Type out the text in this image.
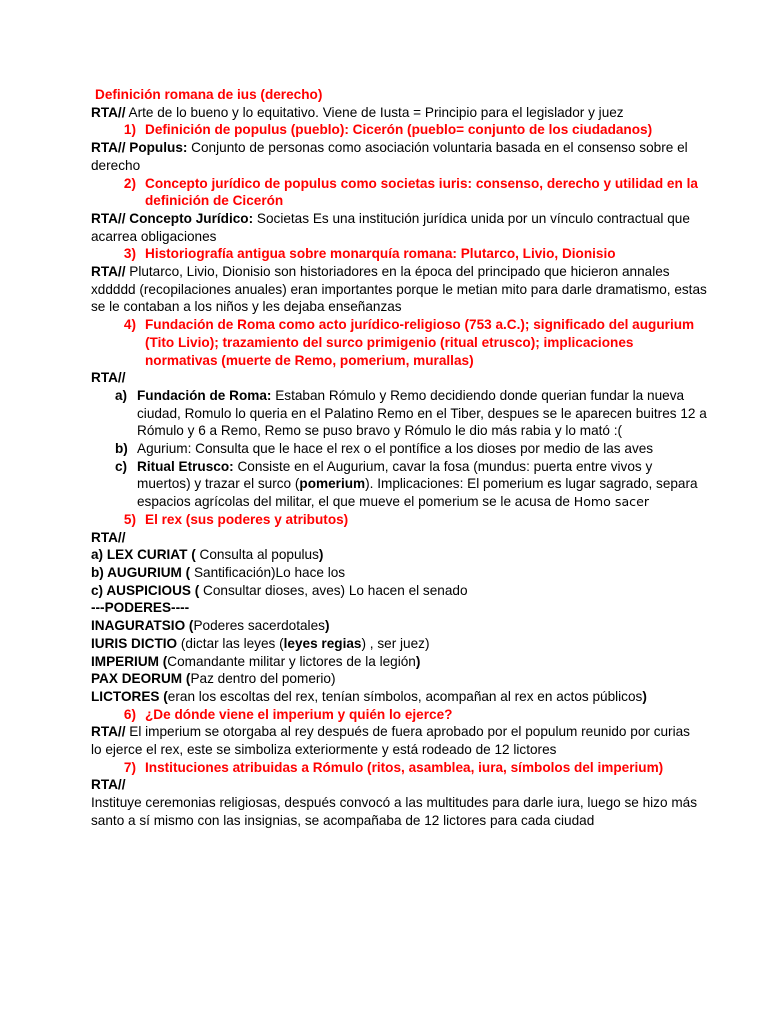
Definición romana de ius (derecho)

RTA// Arte de lo bueno y lo equitativo. Viene de Iusta = Principio para el legislador y juez

1) Definición de populus (pueblo): Cicerón (pueblo= conjunto de los ciudadanos)

RTA// Populus: Conjunto de personas como asociación voluntaria basada en el consenso sobre el derecho

2) Concepto jurídico de populus como societas iuris: consenso, derecho y utilidad en la definición de Cicerón

RTA// Concepto Jurídico: Societas Es una institución jurídica unida por un vínculo contractual que acarrea obligaciones

3) Historiografía antigua sobre monarquía romana: Plutarco, Livio, Dionisio

RTA// Plutarco, Livio, Dionisio son historiadores en la época del principado que hicieron annales xddddd (recopilaciones anuales) eran importantes porque le metian mito para darle dramatismo, estas se le contaban a los niños y les dejaba enseñanzas

4) Fundación de Roma como acto jurídico-religioso (753 a.C.); significado del augurium (Tito Livio); trazamiento del surco primigenio (ritual etrusco); implicaciones normativas (muerte de Remo, pomerium, murallas)

RTA//

a) Fundación de Roma: Estaban Rómulo y Remo decidiendo donde querian fundar la nueva ciudad, Romulo lo queria en el Palatino Remo en el Tiber, despues se le aparecen buitres 12 a Rómulo y 6 a Remo, Remo se puso bravo y Rómulo le dio más rabia y lo mató :(
b) Agurium: Consulta que le hace el rex o el pontífice a los dioses por medio de las aves
c) Ritual Etrusco: Consiste en el Augurium, cavar la fosa (mundus: puerta entre vivos y muertos) y trazar el surco (pomerium). Implicaciones: El pomerium es lugar sagrado, separa espacios agrícolas del militar, el que mueve el pomerium se le acusa de Homo sacer
5) El rex (sus poderes y atributos)

RTA//

a) LEX CURIAT ( Consulta al populus)

b) AUGURIUM ( Santificación)Lo hace los

c) AUSPICIOUS ( Consultar dioses, aves) Lo hacen el senado

---PODERES----

INAGURATSIO (Poderes sacerdotales)

IURIS DICTIO (dictar las leyes (leyes regias) , ser juez)

IMPERIUM (Comandante militar y lictores de la legión)

PAX DEORUM (Paz dentro del pomerio)

LICTORES (eran los escoltas del rex, tenían símbolos, acompañan al rex en actos públicos)

6) ¿De dónde viene el imperium y quién lo ejerce?

RTA// El imperium se otorgaba al rey después de fuera aprobado por el populum reunido por curias

lo ejerce el rex, este se simboliza exteriormente y está rodeado de 12 lictores

7) Instituciones atribuidas a Rómulo (ritos, asamblea, iura, símbolos del imperium)

RTA//

Instituye ceremonias religiosas, después convocó a las multitudes para darle iura, luego se hizo más santo a sí mismo con las insignias, se acompañaba de 12 lictores para cada ciudad
